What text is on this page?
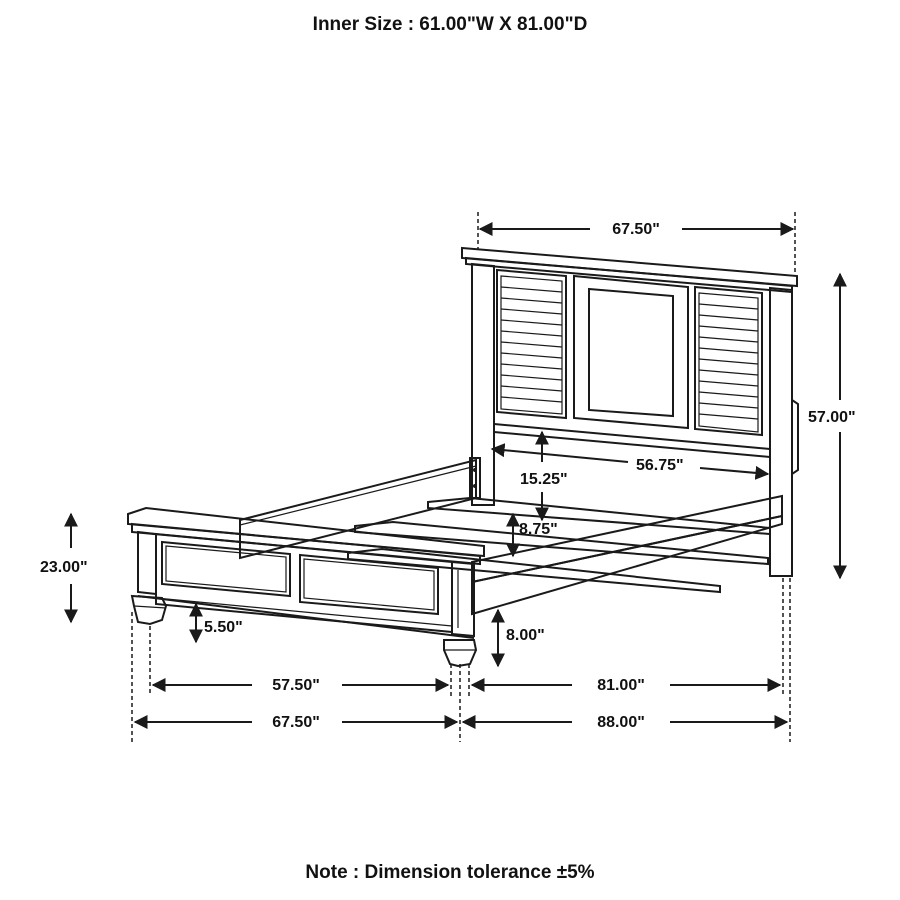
Inner Size : 61.00"W X 81.00"D
67.50"
57.00"
15.25"
56.75"
8.75"
23.00"
5.50"	8.00"
57.50"	81.00"
67.50"	88.00"
Note : Dimension tolerance ±5%
